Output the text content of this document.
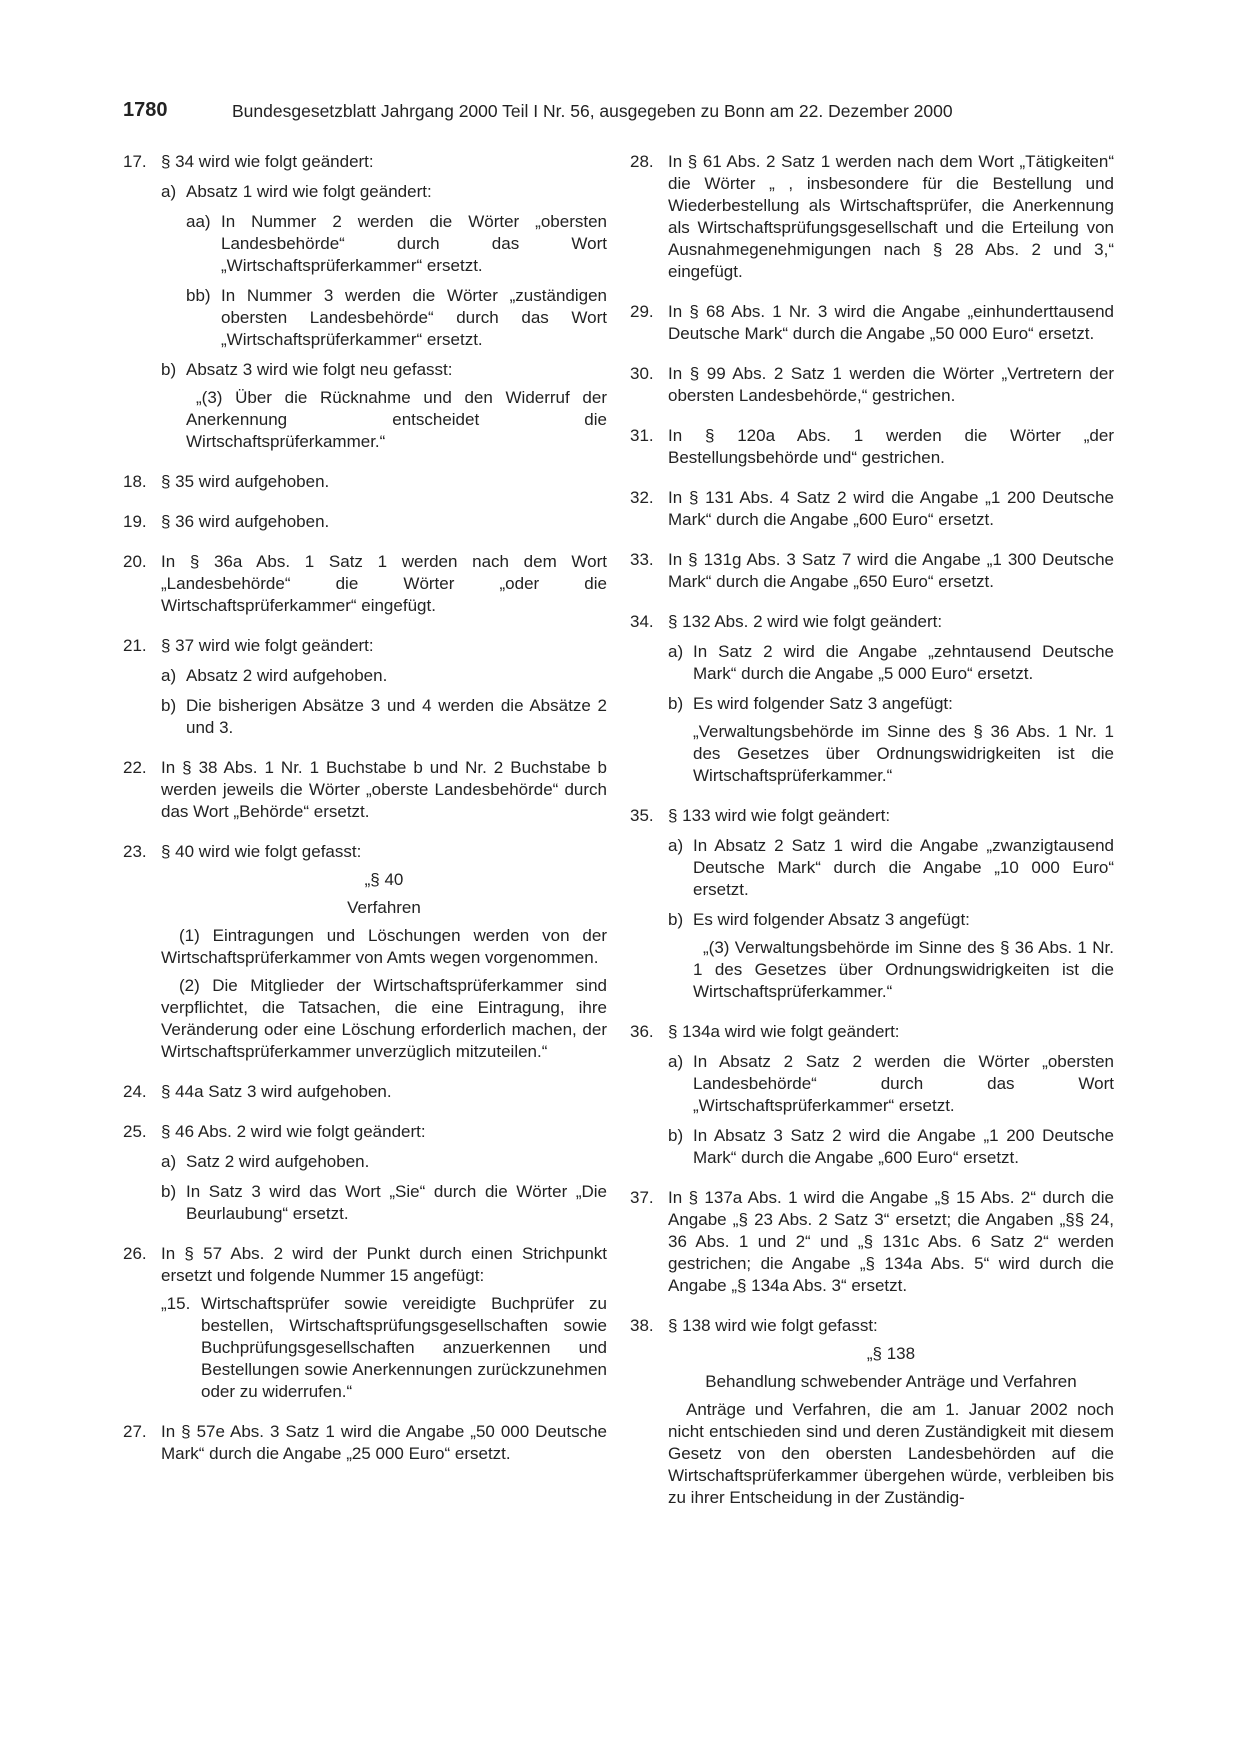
1780	Bundesgesetzblatt Jahrgang 2000 Teil I Nr. 56, ausgegeben zu Bonn am 22. Dezember 2000
17. § 34 wird wie folgt geändert:
a) Absatz 1 wird wie folgt geändert:
aa) In Nummer 2 werden die Wörter „obersten Landesbehörde“ durch das Wort „Wirtschaftsprüferkammer“ ersetzt.
bb) In Nummer 3 werden die Wörter „zuständigen obersten Landesbehörde“ durch das Wort „Wirtschaftsprüferkammer“ ersetzt.
b) Absatz 3 wird wie folgt neu gefasst:
„(3) Über die Rücknahme und den Widerruf der Anerkennung entscheidet die Wirtschaftsprüferkammer.“
18. § 35 wird aufgehoben.
19. § 36 wird aufgehoben.
20. In § 36a Abs. 1 Satz 1 werden nach dem Wort „Landesbehörde“ die Wörter „oder die Wirtschaftsprüferkammer“ eingefügt.
21. § 37 wird wie folgt geändert:
a) Absatz 2 wird aufgehoben.
b) Die bisherigen Absätze 3 und 4 werden die Absätze 2 und 3.
22. In § 38 Abs. 1 Nr. 1 Buchstabe b und Nr. 2 Buchstabe b werden jeweils die Wörter „oberste Landesbehörde“ durch das Wort „Behörde“ ersetzt.
23. § 40 wird wie folgt gefasst:
„§ 40
Verfahren
(1) Eintragungen und Löschungen werden von der Wirtschaftsprüferkammer von Amts wegen vorgenommen.
(2) Die Mitglieder der Wirtschaftsprüferkammer sind verpflichtet, die Tatsachen, die eine Eintragung, ihre Veränderung oder eine Löschung erforderlich machen, der Wirtschaftsprüferkammer unverzüglich mitzuteilen.“
24. § 44a Satz 3 wird aufgehoben.
25. § 46 Abs. 2 wird wie folgt geändert:
a) Satz 2 wird aufgehoben.
b) In Satz 3 wird das Wort „Sie“ durch die Wörter „Die Beurlaubung“ ersetzt.
26. In § 57 Abs. 2 wird der Punkt durch einen Strichpunkt ersetzt und folgende Nummer 15 angefügt:
„15. Wirtschaftsprüfer sowie vereidigte Buchprüfer zu bestellen, Wirtschaftsprüfungsgesellschaften sowie Buchprüfungsgesellschaften anzuerkennen und Bestellungen sowie Anerkennungen zurückzunehmen oder zu widerrufen.“
27. In § 57e Abs. 3 Satz 1 wird die Angabe „50 000 Deutsche Mark“ durch die Angabe „25 000 Euro“ ersetzt.
28. In § 61 Abs. 2 Satz 1 werden nach dem Wort „Tätigkeiten“ die Wörter „ , insbesondere für die Bestellung und Wiederbestellung als Wirtschaftsprüfer, die Anerkennung als Wirtschaftsprüfungsgesellschaft und die Erteilung von Ausnahmegenehmigungen nach § 28 Abs. 2 und 3,“ eingefügt.
29. In § 68 Abs. 1 Nr. 3 wird die Angabe „einhunderttausend Deutsche Mark“ durch die Angabe „50 000 Euro“ ersetzt.
30. In § 99 Abs. 2 Satz 1 werden die Wörter „Vertretern der obersten Landesbehörde,“ gestrichen.
31. In § 120a Abs. 1 werden die Wörter „der Bestellungsbehörde und“ gestrichen.
32. In § 131 Abs. 4 Satz 2 wird die Angabe „1 200 Deutsche Mark“ durch die Angabe „600 Euro“ ersetzt.
33. In § 131g Abs. 3 Satz 7 wird die Angabe „1 300 Deutsche Mark“ durch die Angabe „650 Euro“ ersetzt.
34. § 132 Abs. 2 wird wie folgt geändert:
a) In Satz 2 wird die Angabe „zehntausend Deutsche Mark“ durch die Angabe „5 000 Euro“ ersetzt.
b) Es wird folgender Satz 3 angefügt:
„Verwaltungsbehörde im Sinne des § 36 Abs. 1 Nr. 1 des Gesetzes über Ordnungswidrigkeiten ist die Wirtschaftsprüferkammer.“
35. § 133 wird wie folgt geändert:
a) In Absatz 2 Satz 1 wird die Angabe „zwanzigtausend Deutsche Mark“ durch die Angabe „10 000 Euro“ ersetzt.
b) Es wird folgender Absatz 3 angefügt:
„(3) Verwaltungsbehörde im Sinne des § 36 Abs. 1 Nr. 1 des Gesetzes über Ordnungswidrigkeiten ist die Wirtschaftsprüferkammer.“
36. § 134a wird wie folgt geändert:
a) In Absatz 2 Satz 2 werden die Wörter „obersten Landesbehörde“ durch das Wort „Wirtschaftsprüferkammer“ ersetzt.
b) In Absatz 3 Satz 2 wird die Angabe „1 200 Deutsche Mark“ durch die Angabe „600 Euro“ ersetzt.
37. In § 137a Abs. 1 wird die Angabe „§ 15 Abs. 2“ durch die Angabe „§ 23 Abs. 2 Satz 3“ ersetzt; die Angaben „§§ 24, 36 Abs. 1 und 2“ und „§ 131c Abs. 6 Satz 2“ werden gestrichen; die Angabe „§ 134a Abs. 5“ wird durch die Angabe „§ 134a Abs. 3“ ersetzt.
38. § 138 wird wie folgt gefasst:
„§ 138
Behandlung schwebender Anträge und Verfahren
Anträge und Verfahren, die am 1. Januar 2002 noch nicht entschieden sind und deren Zuständigkeit mit diesem Gesetz von den obersten Landesbehörden auf die Wirtschaftsprüferkammer übergehen würde, verbleiben bis zu ihrer Entscheidung in der Zuständig-
